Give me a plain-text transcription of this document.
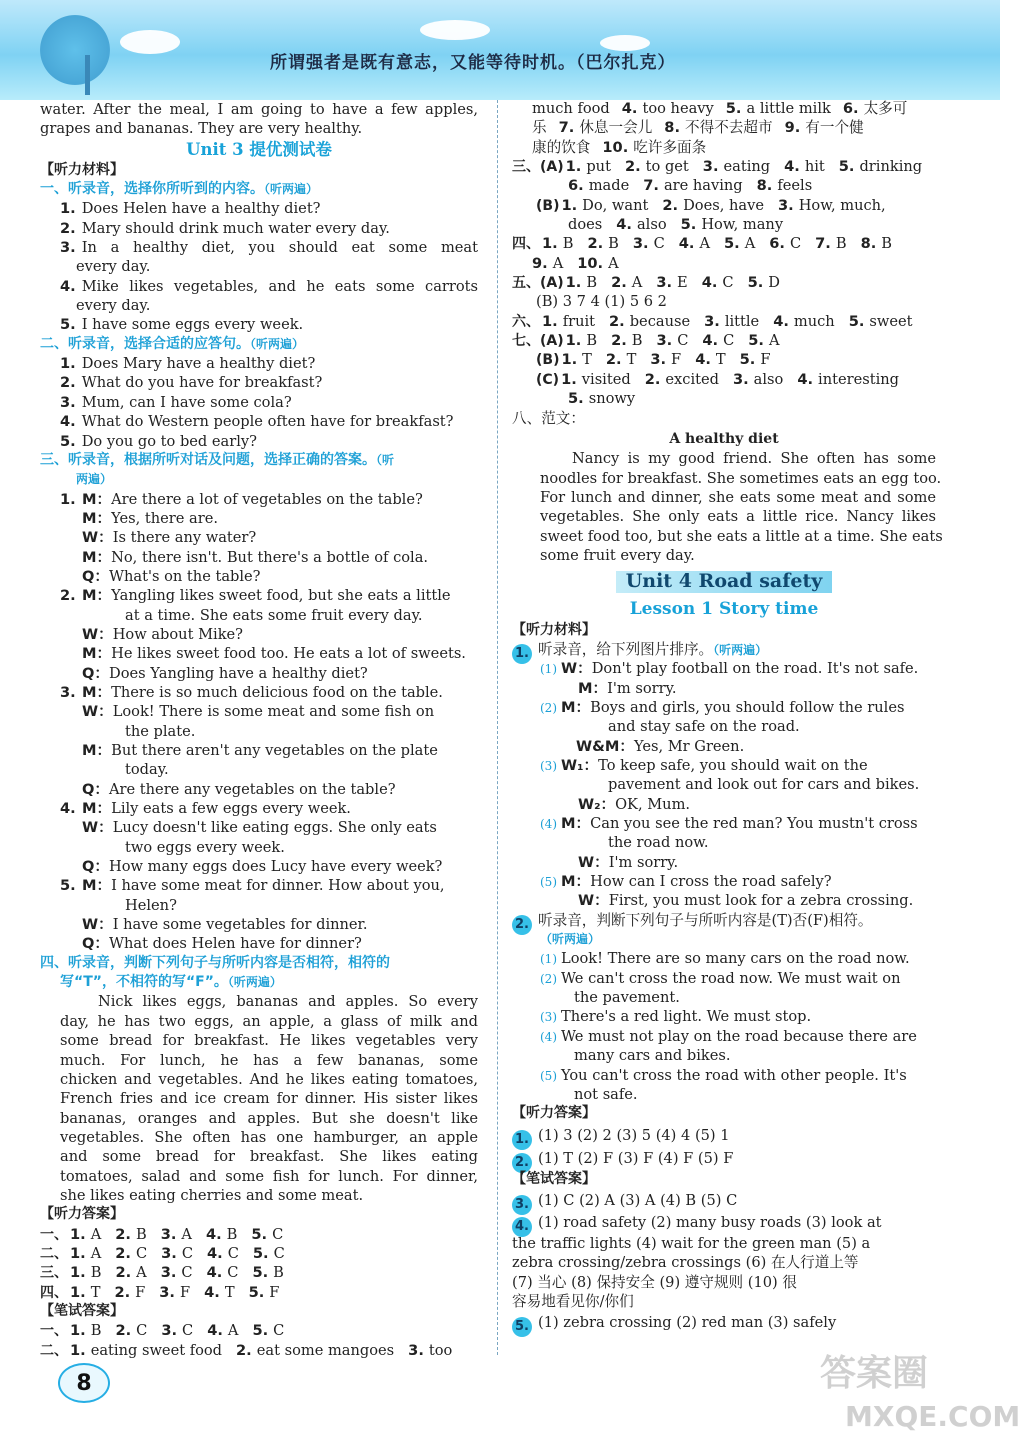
所谓强者是既有意志，又能等待时机。（巴尔扎克）
water. After the meal, I am going to have a few apples,
grapes and bananas. They are very healthy.
Unit 3 提优测试卷
【听力材料】
一、听录音，选择你所听到的内容。（听两遍）
1. Does Helen have a healthy diet?
2. Mary should drink much water every day.
3. In a healthy diet, you should eat some meat
every day.
4. Mike likes vegetables, and he eats some carrots
every day.
5. I have some eggs every week.
二、听录音，选择合适的应答句。（听两遍）
1. Does Mary have a healthy diet?
2. What do you have for breakfast?
3. Mum, can I have some cola?
4. What do Western people often have for breakfast?
5. Do you go to bed early?
三、听录音，根据所听对话及问题，选择正确的答案。（听
两遍）
1. M：Are there a lot of vegetables on the table?
M：Yes, there are.
W：Is there any water?
M：No, there isn't. But there's a bottle of cola.
Q：What's on the table?
2. M：Yangling likes sweet food, but she eats a little
at a time. She eats some fruit every day.
W：How about Mike?
M：He likes sweet food too. He eats a lot of sweets.
Q：Does Yangling have a healthy diet?
3. M：There is so much delicious food on the table.
W：Look! There is some meat and some fish on
the plate.
M：But there aren't any vegetables on the plate
today.
Q：Are there any vegetables on the table?
4. M：Lily eats a few eggs every week.
W：Lucy doesn't like eating eggs. She only eats
two eggs every week.
Q：How many eggs does Lucy have every week?
5. M：I have some meat for dinner. How about you,
Helen?
W：I have some vegetables for dinner.
Q：What does Helen have for dinner?
四、听录音，判断下列句子与所听内容是否相符，相符的
写“T”，不相符的写“F”。（听两遍）
Nick likes eggs, bananas and apples. So every
day, he has two eggs, an apple, a glass of milk and
some bread for breakfast. He likes vegetables very
much. For lunch, he has a few bananas, some
chicken and vegetables. And he likes eating tomatoes,
French fries and ice cream for dinner. His sister likes
bananas, oranges and apples. But she doesn't like
vegetables. She often has one hamburger, an apple
and some bread for breakfast. She likes eating
tomatoes, salad and some fish for lunch. For dinner,
she likes eating cherries and some meat.
【听力答案】
一、 1. A 2. B 3. A 4. B 5. C
二、 1. A 2. C 3. C 4. C 5. C
三、 1. B 2. A 3. C 4. C 5. B
四、 1. T 2. F 3. F 4. T 5. F
【笔试答案】
一、 1. B 2. C 3. C 4. A 5. C
二、 1. eating sweet food 2. eat some mangoes 3. too
much food 4. too heavy 5. a little milk 6. 太多可
乐 7. 休息一会儿 8. 不得不去超市 9. 有一个健
康的饮食 10. 吃许多面条
三、(A) 1. put 2. to get 3. eating 4. hit 5. drinking
6. made 7. are having 8. feels
(B) 1. Do, want 2. Does, have 3. How, much,
does 4. also 5. How, many
四、 1. B 2. B 3. C 4. A 5. A 6. C 7. B 8. B
9. A 10. A
五、(A) 1. B 2. A 3. E 4. C 5. D
(B) 3 7 4 (1) 5 6 2
六、 1. fruit 2. because 3. little 4. much 5. sweet
七、(A) 1. B 2. B 3. C 4. C 5. A
(B) 1. T 2. T 3. F 4. T 5. F
(C) 1. visited 2. excited 3. also 4. interesting
5. snowy
八、范文：
A healthy diet
Nancy is my good friend. She often has some
noodles for breakfast. She sometimes eats an egg too.
For lunch and dinner, she eats some meat and some
vegetables. She only eats a little rice. Nancy likes
sweet food too, but she eats a little at a time. She eats
some fruit every day.
Unit 4 Road safety
Lesson 1 Story time
【听力材料】
1. 听录音，给下列图片排序。（听两遍）
(1) W：Don't play football on the road. It's not safe.
M：I'm sorry.
(2) M：Boys and girls, you should follow the rules
and stay safe on the road.
W&M：Yes, Mr Green.
(3) W₁：To keep safe, you should wait on the
pavement and look out for cars and bikes.
W₂：OK, Mum.
(4) M：Can you see the red man? You mustn't cross
the road now.
W：I'm sorry.
(5) M：How can I cross the road safely?
W：First, you must look for a zebra crossing.
2. 听录音，判断下列句子与所听内容是(T)否(F)相符。
（听两遍）
(1) Look! There are so many cars on the road now.
(2) We can't cross the road now. We must wait on
the pavement.
(3) There's a red light. We must stop.
(4) We must not play on the road because there are
many cars and bikes.
(5) You can't cross the road with other people. It's
not safe.
【听力答案】
1. (1) 3 (2) 2 (3) 5 (4) 4 (5) 1
2. (1) T (2) F (3) F (4) F (5) F
【笔试答案】
3. (1) C (2) A (3) A (4) B (5) C
4. (1) road safety (2) many busy roads (3) look at
the traffic lights (4) wait for the green man (5) a
zebra crossing/zebra crossings (6) 在人行道上等
(7) 当心 (8) 保持安全 (9) 遵守规则 (10) 很
容易地看见你/你们
5. (1) zebra crossing (2) red man (3) safely
8	答案圈
MXQE.COM
